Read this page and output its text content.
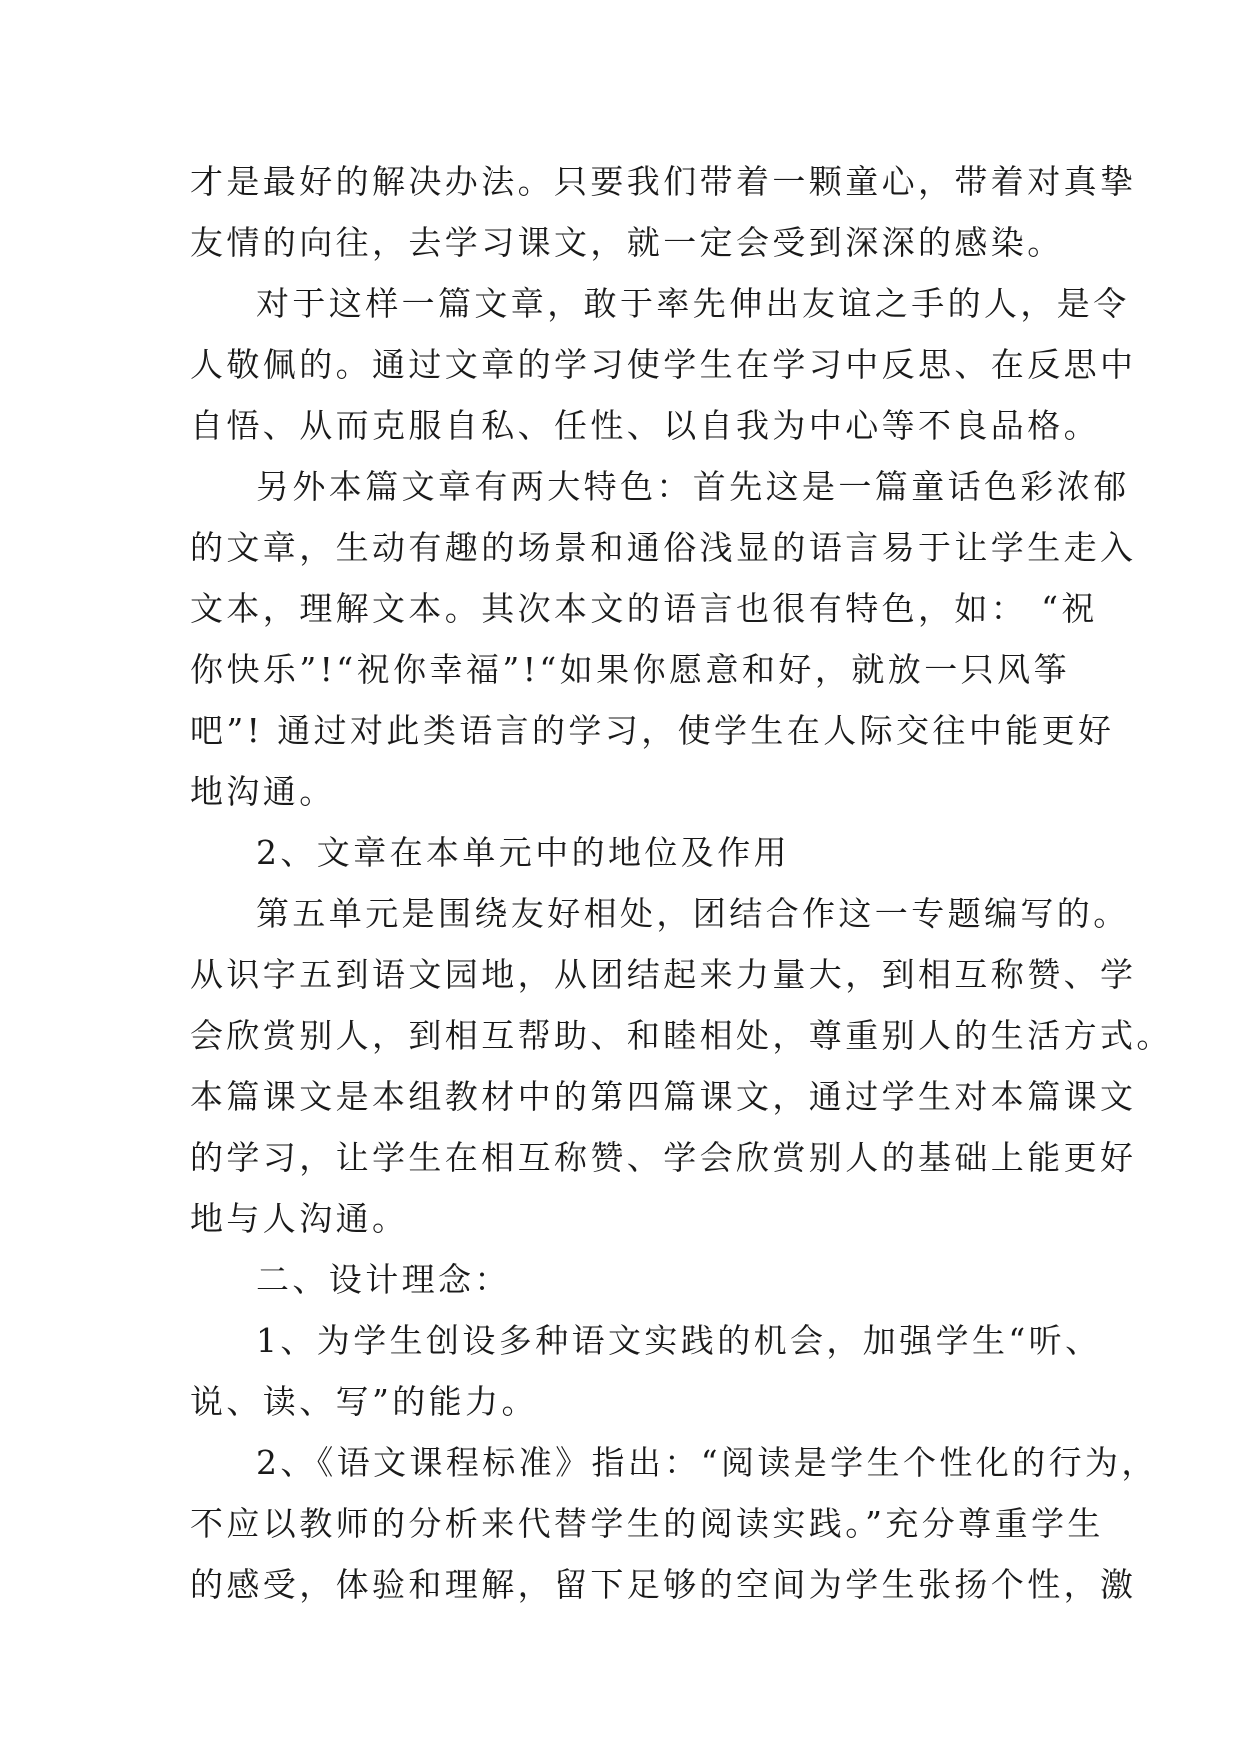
才是最好的解决办法。只要我们带着一颗童心，带着对真挚
友情的向往，去学习课文，就一定会受到深深的感染。
对于这样一篇文章，敢于率先伸出友谊之手的人，是令
人敬佩的。通过文章的学习使学生在学习中反思、在反思中
自悟、从而克服自私、任性、以自我为中心等不良品格。
另外本篇文章有两大特色：首先这是一篇童话色彩浓郁
的文章，生动有趣的场景和通俗浅显的语言易于让学生走入
文本，理解文本。其次本文的语言也很有特色，如： “祝
你快乐”!“祝你幸福”!“如果你愿意和好，就放一只风筝
吧”! 通过对此类语言的学习，使学生在人际交往中能更好
地沟通。
2、文章在本单元中的地位及作用
第五单元是围绕友好相处，团结合作这一专题编写的。
从识字五到语文园地，从团结起来力量大，到相互称赞、学
会欣赏别人，到相互帮助、和睦相处，尊重别人的生活方式。
本篇课文是本组教材中的第四篇课文，通过学生对本篇课文
的学习，让学生在相互称赞、学会欣赏别人的基础上能更好
地与人沟通。
二、设计理念：
1、为学生创设多种语文实践的机会，加强学生“听、
说、读、写”的能力。
2、《语文课程标准》指出：“阅读是学生个性化的行为，
不应以教师的分析来代替学生的阅读实践。”充分尊重学生
的感受，体验和理解，留下足够的空间为学生张扬个性，激
